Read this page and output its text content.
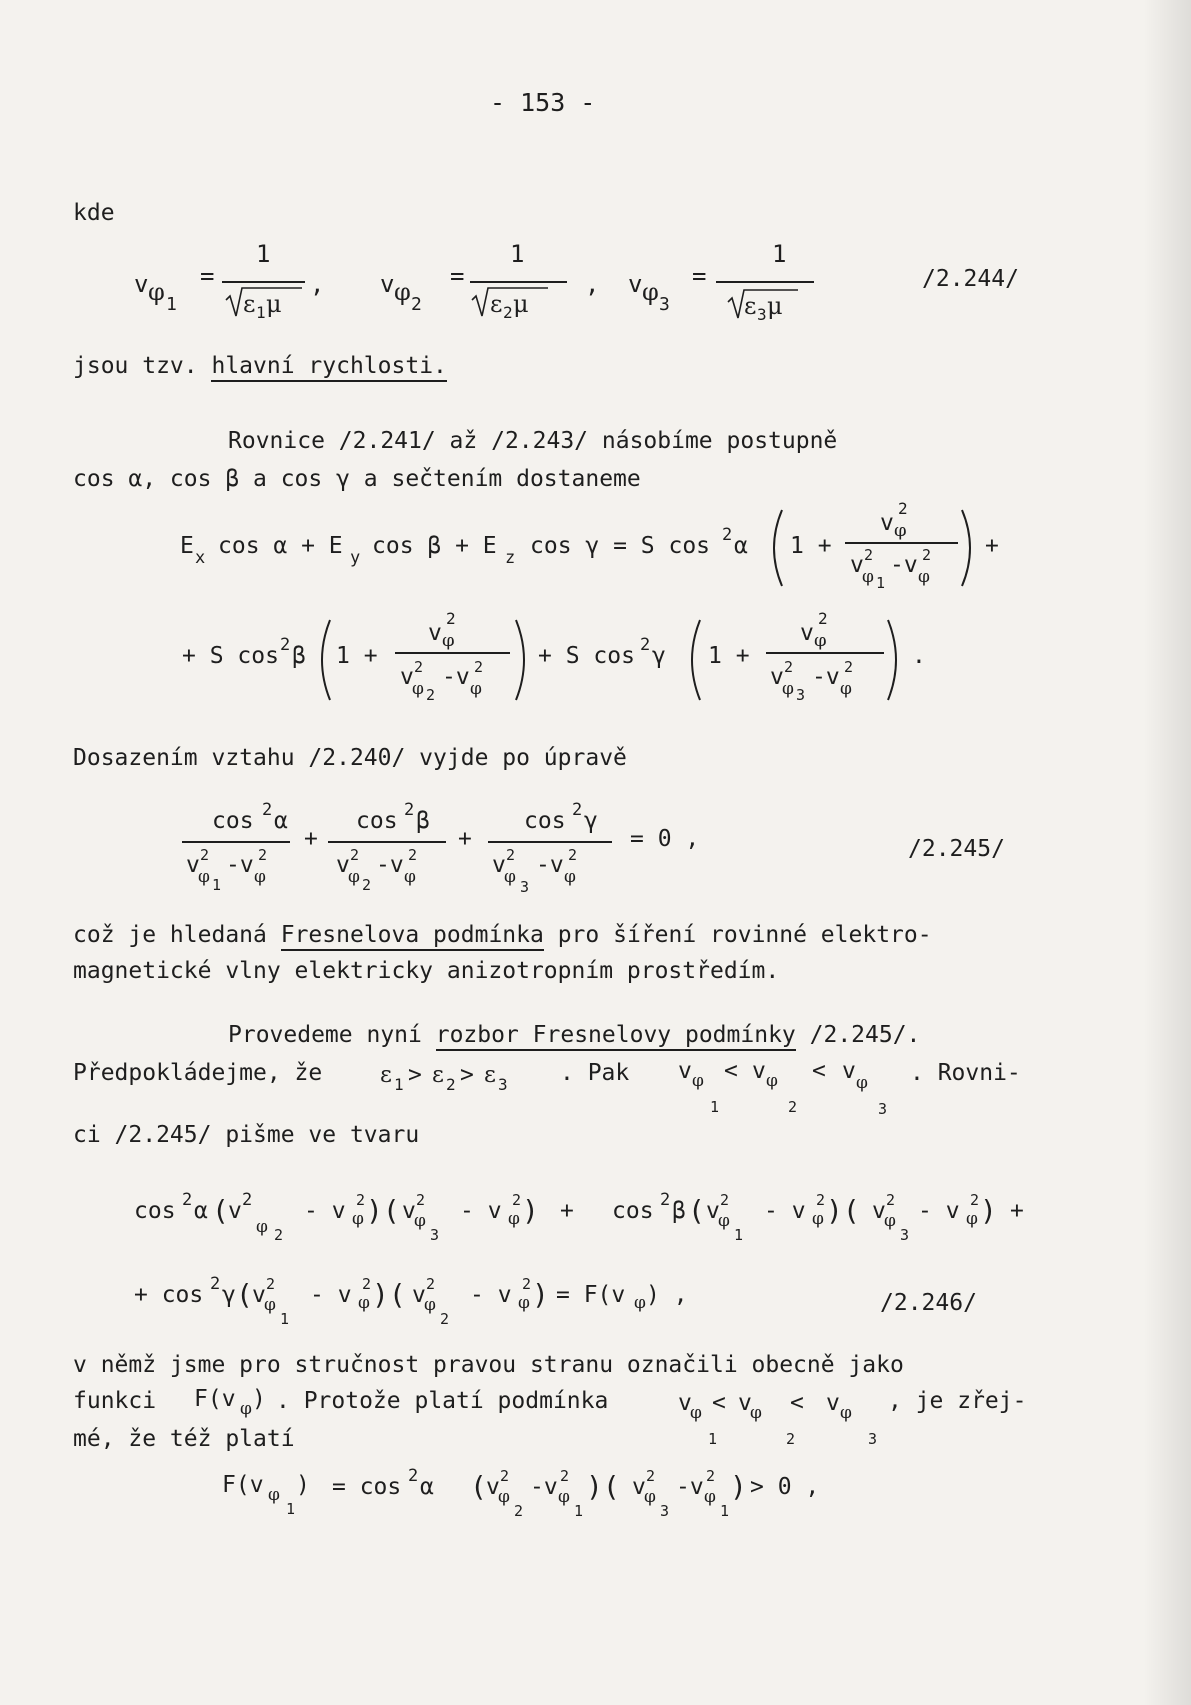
- 153 -
kde
v φ 1
=
1
ε 1 μ
, v φ 2
=
1
ε 2 μ
, v φ 3
=
1
ε 3 μ
/2.244/
jsou tzv. hlavní rychlosti.
Rovnice /2.241/ až /2.243/ násobíme postupně
cos α, cos β a cos γ a sečtením dostaneme
E x cos α + E y cos β + E z cos γ = S cos 2 α 1 +
v φ
2
v
φ 1
2 -v φ
2 +
+ S cos 2 β 1 +
v φ
2
v
φ 2
2 -v φ
2 + S cos 2 γ 1 +
v φ
2
v
φ 3
2 -v φ
2	.
Dosazením vztahu /2.240/ vyjde po úpravě
cos 2 α
v
φ 1
2 -v φ
2
+
cos 2 β
v
φ 2
2 -v φ
2
+
cos 2 γ
v
φ 3
2 -v φ
2
= 0 ,	/2.245/
což je hledaná Fresnelova podmínka pro šíření rovinné elektro-
magnetické vlny elektricky anizotropním prostředím.
Provedeme nyní rozbor Fresnelovy podmínky /2.245/.
Předpokládejme, že	ε 1 > ε 2 > ε 3
v φ
1
< v φ
2
< v φ
3
. Pak	. Rovni-
ci /2.245/ pišme ve tvaru
cos 2 α ( v 2
φ 2
- v φ
2 )( v
φ
3
2 - v φ
2 ) + cos 2 β ( v
φ
1
2 - v φ
2 )( v
φ
3
2 - v φ
2 ) +
+ cos 2 γ ( v
φ
1
2 - v φ
2 )( v
φ
2
2 - v φ
2 ) = F(v φ ) ,	/2.246/
v němž jsme pro stručnost pravou stranu označili obecně jako
funkci F(v φ )	v
φ
1
< v
φ
2
< v φ
3
. Protože platí podmínka	, je zřej-
mé, že též platí
F(v φ
1
) = cos 2 α ( v
φ
2
2 -v φ
1
2 )( v
φ
3
2 -v φ
1
2 ) > 0 ,
